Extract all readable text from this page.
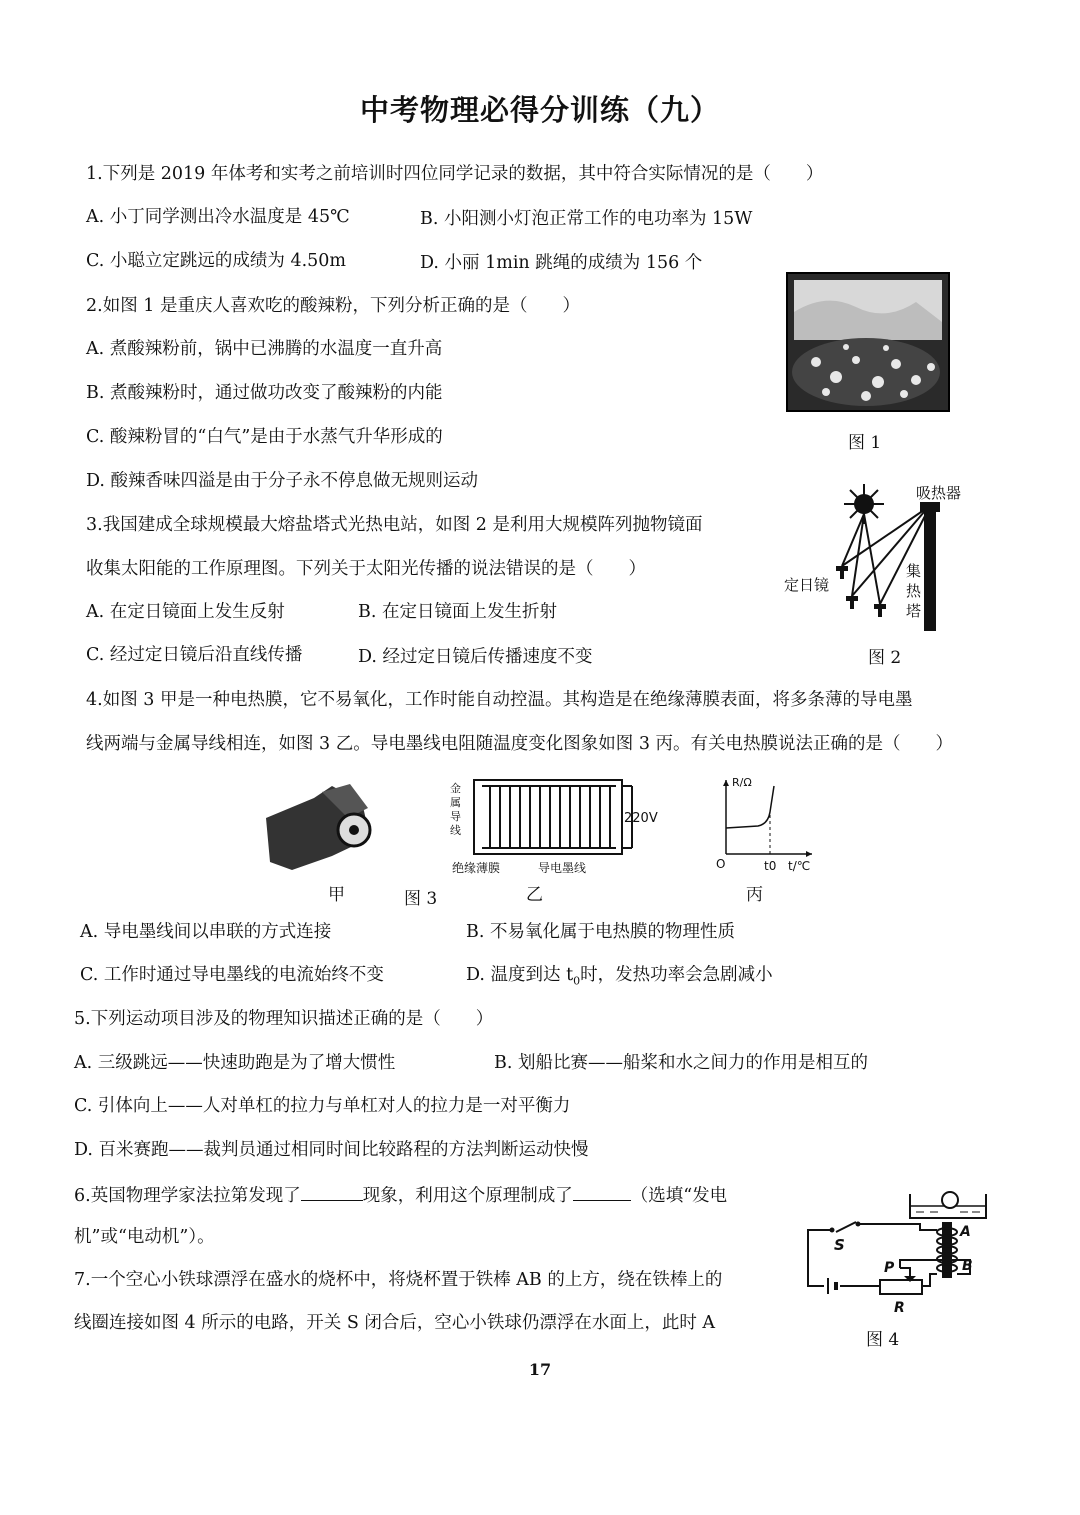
中考物理必得分训练（九）
1.下列是 2019 年体考和实考之前培训时四位同学记录的数据，其中符合实际情况的是（　　）
A. 小丁同学测出冷水温度是 45℃	B. 小阳测小灯泡正常工作的电功率为 15W
C. 小聪立定跳远的成绩为 4.50m	D. 小丽 1min 跳绳的成绩为 156 个
2.如图 1 是重庆人喜欢吃的酸辣粉，下列分析正确的是（　　）
A. 煮酸辣粉前，锅中已沸腾的水温度一直升高
B. 煮酸辣粉时，通过做功改变了酸辣粉的内能
C. 酸辣粉冒的“白气”是由于水蒸气升华形成的
D. 酸辣香味四溢是由于分子永不停息做无规则运动
图 1
3.我国建成全球规模最大熔盐塔式光热电站，如图 2 是利用大规模阵列抛物镜面
收集太阳能的工作原理图。下列关于太阳光传播的说法错误的是（　　）
A. 在定日镜面上发生反射	B. 在定日镜面上发生折射
C. 经过定日镜后沿直线传播	D. 经过定日镜后传播速度不变
吸热器
定日镜
集
热
塔
图 2
4.如图 3 甲是一种电热膜，它不易氧化，工作时能自动控温。其构造是在绝缘薄膜表面，将多条薄的导电墨
线两端与金属导线相连，如图 3 乙。导电墨线电阻随温度变化图象如图 3 丙。有关电热膜说法正确的是（　　）
甲	图 3
220V
金
属
导
线
绝缘薄膜	导电墨线
乙
R/Ω
O	t0 t/℃
丙
A. 导电墨线间以串联的方式连接	B. 不易氧化属于电热膜的物理性质
C. 工作时通过导电墨线的电流始终不变	D. 温度到达 $t_0$时，发热功率会急剧减小
5.下列运动项目涉及的物理知识描述正确的是（　　）
A. 三级跳远——快速助跑是为了增大惯性	B. 划船比赛——船桨和水之间力的作用是相互的
C. 引体向上——人对单杠的拉力与单杠对人的拉力是一对平衡力
D. 百米赛跑——裁判员通过相同时间比较路程的方法判断运动快慢
6.英国物理学家法拉第发现了	现象，利用这个原理制成了	（选填“发电
机”或“电动机”）。
7.一个空心小铁球漂浮在盛水的烧杯中，将烧杯置于铁棒 AB 的上方，绕在铁棒上的
线圈连接如图 4 所示的电路，开关 S 闭合后，空心小铁球仍漂浮在水面上，此时 A
S
A
B
P
R
图 4
17
